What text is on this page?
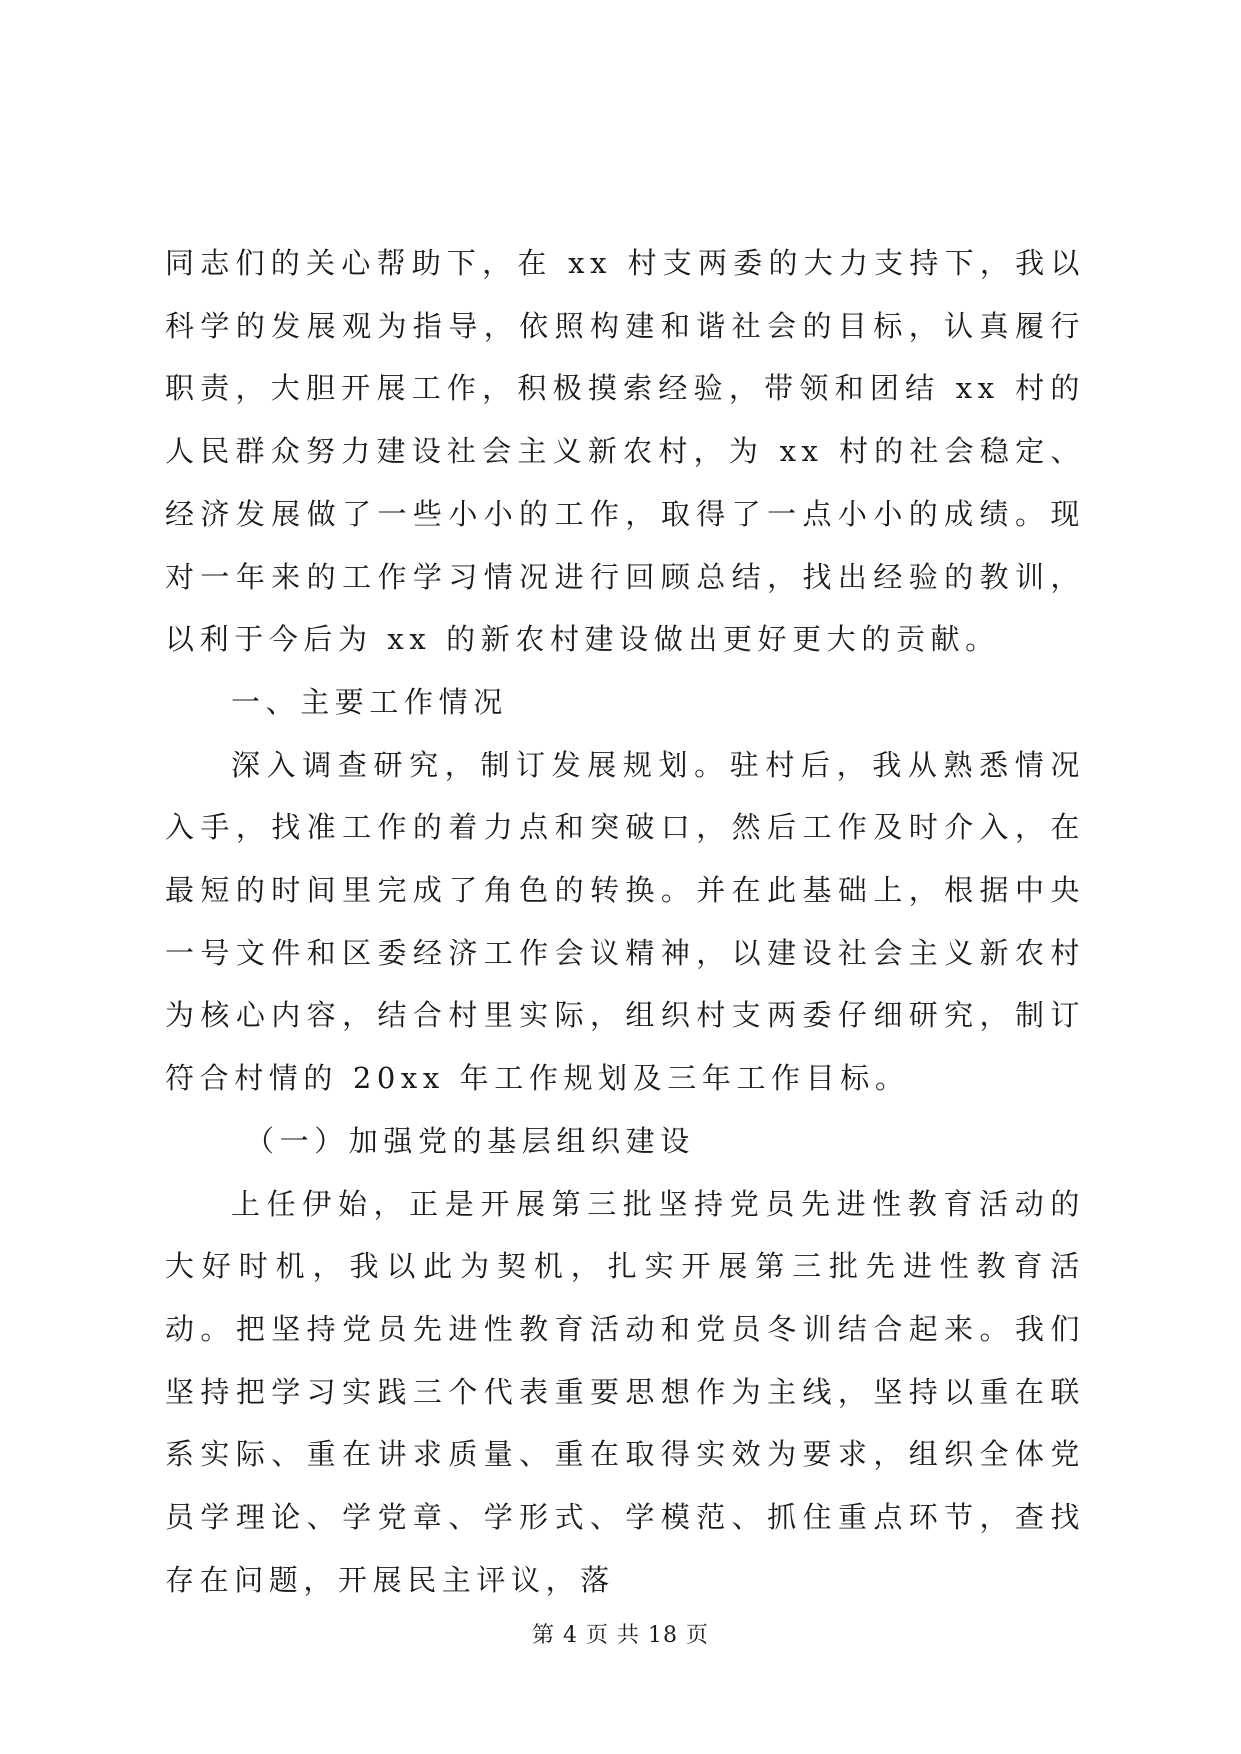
同志们的关心帮助下，在 xx 村支两委的大力支持下，我以科学的发展观为指导，依照构建和谐社会的目标，认真履行职责，大胆开展工作，积极摸索经验，带领和团结 xx 村的人民群众努力建设社会主义新农村，为 xx 村的社会稳定、经济发展做了一些小小的工作，取得了一点小小的成绩。现对一年来的工作学习情况进行回顾总结，找出经验的教训，以利于今后为 xx 的新农村建设做出更好更大的贡献。

一、主要工作情况

深入调查研究，制订发展规划。驻村后，我从熟悉情况入手，找准工作的着力点和突破口，然后工作及时介入，在最短的时间里完成了角色的转换。并在此基础上，根据中央一号文件和区委经济工作会议精神，以建设社会主义新农村为核心内容，结合村里实际，组织村支两委仔细研究，制订符合村情的 20xx 年工作规划及三年工作目标。

（一）加强党的基层组织建设

上任伊始，正是开展第三批坚持党员先进性教育活动的大好时机，我以此为契机，扎实开展第三批先进性教育活动。把坚持党员先进性教育活动和党员冬训结合起来。我们坚持把学习实践三个代表重要思想作为主线，坚持以重在联系实际、重在讲求质量、重在取得实效为要求，组织全体党员学理论、学党章、学形式、学模范、抓住重点环节，查找存在问题，开展民主评议，落

第 4 页 共 18 页
